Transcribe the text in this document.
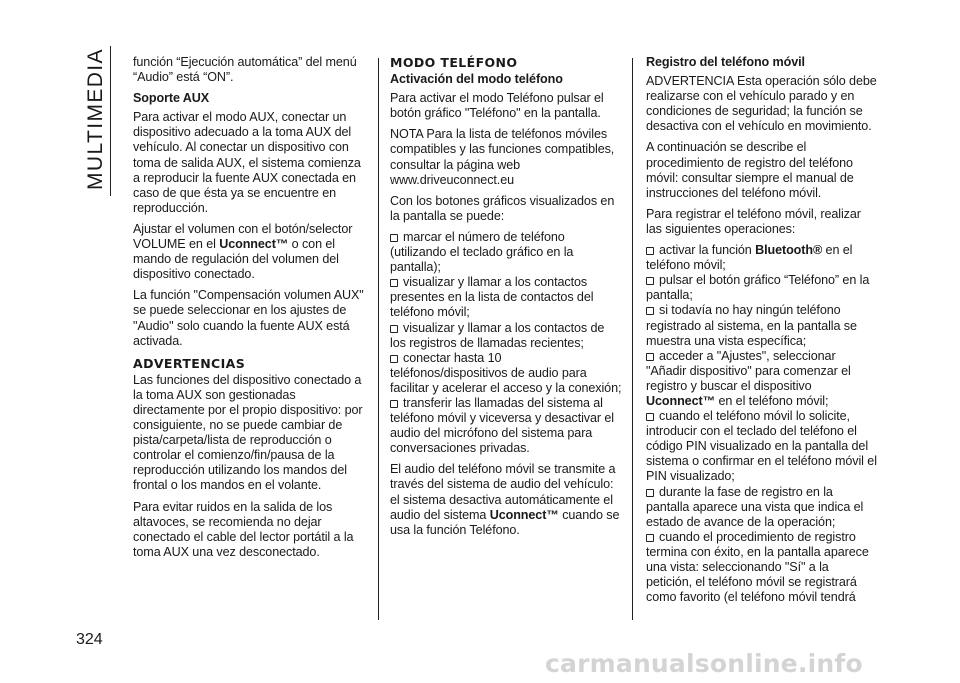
MULTIMEDIA función “Ejecución automática” del menú “Audio” está “ON”.

Soporte AUX

Para activar el modo AUX, conectar un dispositivo adecuado a la toma AUX del vehículo. Al conectar un dispositivo con toma de salida AUX, el sistema comienza a reproducir la fuente AUX conectada en caso de que ésta ya se encuentre en reproducción.

Ajustar el volumen con el botón/selector VOLUME en el Uconnect™ o con el mando de regulación del volumen del dispositivo conectado.

La función "Compensación volumen AUX" se puede seleccionar en los ajustes de "Audio" solo cuando la fuente AUX está activada.

ADVERTENCIAS

Las funciones del dispositivo conectado a la toma AUX son gestionadas directamente por el propio dispositivo: por consiguiente, no se puede cambiar de pista/carpeta/lista de reproducción o controlar el comienzo/fin/pausa de la reproducción utilizando los mandos del frontal o los mandos en el volante.

Para evitar ruidos en la salida de los altavoces, se recomienda no dejar conectado el cable del lector portátil a la toma AUX una vez desconectado.

MODO TELÉFONO

Activación del modo teléfono

Para activar el modo Teléfono pulsar el botón gráfico "Teléfono" en la pantalla.

NOTA Para la lista de teléfonos móviles compatibles y las funciones compatibles, consultar la página web www.driveuconnect.eu

Con los botones gráficos visualizados en la pantalla se puede:

marcar el número de teléfono (utilizando el teclado gráfico en la pantalla);

visualizar y llamar a los contactos presentes en la lista de contactos del teléfono móvil;

visualizar y llamar a los contactos de los registros de llamadas recientes;

conectar hasta 10 teléfonos/dispositivos de audio para facilitar y acelerar el acceso y la conexión;

transferir las llamadas del sistema al teléfono móvil y viceversa y desactivar el audio del micrófono del sistema para conversaciones privadas.

El audio del teléfono móvil se transmite a través del sistema de audio del vehículo: el sistema desactiva automáticamente el audio del sistema Uconnect™ cuando se usa la función Teléfono.

Registro del teléfono móvil

ADVERTENCIA Esta operación sólo debe realizarse con el vehículo parado y en condiciones de seguridad; la función se desactiva con el vehículo en movimiento.

A continuación se describe el procedimiento de registro del teléfono móvil: consultar siempre el manual de instrucciones del teléfono móvil.

Para registrar el teléfono móvil, realizar las siguientes operaciones:

activar la función Bluetooth® en el teléfono móvil;

pulsar el botón gráfico “Teléfono” en la pantalla;

si todavía no hay ningún teléfono registrado al sistema, en la pantalla se muestra una vista específica;

acceder a "Ajustes", seleccionar "Añadir dispositivo" para comenzar el registro y buscar el dispositivo Uconnect™ en el teléfono móvil;

cuando el teléfono móvil lo solicite, introducir con el teclado del teléfono el código PIN visualizado en la pantalla del sistema o confirmar en el teléfono móvil el PIN visualizado;

durante la fase de registro en la pantalla aparece una vista que indica el estado de avance de la operación;

cuando el procedimiento de registro termina con éxito, en la pantalla aparece una vista: seleccionando "Sí" a la petición, el teléfono móvil se registrará como favorito (el teléfono móvil tendrá

324
carmanualsonline.info
